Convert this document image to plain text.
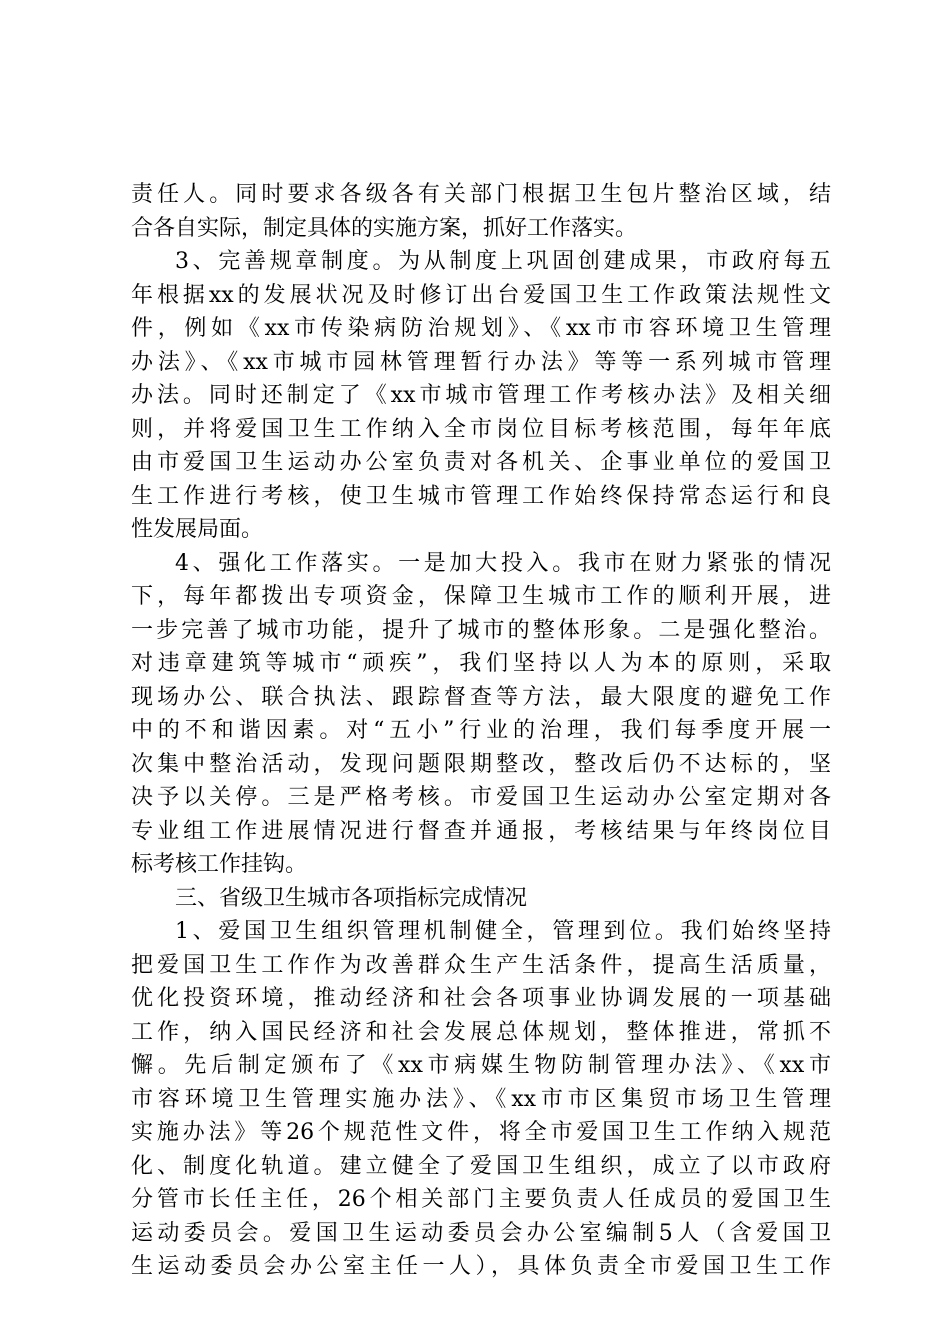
责任人。同时要求各级各有关部门根据卫生包片整治区域，结
合各自实际，制定具体的实施方案，抓好工作落实。
3、完善规章制度。为从制度上巩固创建成果，市政府每五
年根据xx的发展状况及时修订出台爱国卫生工作政策法规性文
件，例如《xx市传染病防治规划》、《xx市市容环境卫生管理
办法》、《xx市城市园林管理暂行办法》等等一系列城市管理
办法。同时还制定了《xx市城市管理工作考核办法》及相关细
则，并将爱国卫生工作纳入全市岗位目标考核范围，每年年底
由市爱国卫生运动办公室负责对各机关、企事业单位的爱国卫
生工作进行考核，使卫生城市管理工作始终保持常态运行和良
性发展局面。
4、强化工作落实。一是加大投入。我市在财力紧张的情况
下，每年都拨出专项资金，保障卫生城市工作的顺利开展，进
一步完善了城市功能，提升了城市的整体形象。二是强化整治。
对违章建筑等城市“顽疾”，我们坚持以人为本的原则，采取
现场办公、联合执法、跟踪督查等方法，最大限度的避免工作
中的不和谐因素。对“五小”行业的治理，我们每季度开展一
次集中整治活动，发现问题限期整改，整改后仍不达标的，坚
决予以关停。三是严格考核。市爱国卫生运动办公室定期对各
专业组工作进展情况进行督查并通报，考核结果与年终岗位目
标考核工作挂钩。
三、省级卫生城市各项指标完成情况
1、爱国卫生组织管理机制健全，管理到位。我们始终坚持
把爱国卫生工作作为改善群众生产生活条件，提高生活质量，
优化投资环境，推动经济和社会各项事业协调发展的一项基础
工作，纳入国民经济和社会发展总体规划，整体推进，常抓不
懈。先后制定颁布了《xx市病媒生物防制管理办法》、《xx市
市容环境卫生管理实施办法》、《xx市市区集贸市场卫生管理
实施办法》等26个规范性文件，将全市爱国卫生工作纳入规范
化、制度化轨道。建立健全了爱国卫生组织，成立了以市政府
分管市长任主任，26个相关部门主要负责人任成员的爱国卫生
运动委员会。爱国卫生运动委员会办公室编制5人（含爱国卫
生运动委员会办公室主任一人），具体负责全市爱国卫生工作
